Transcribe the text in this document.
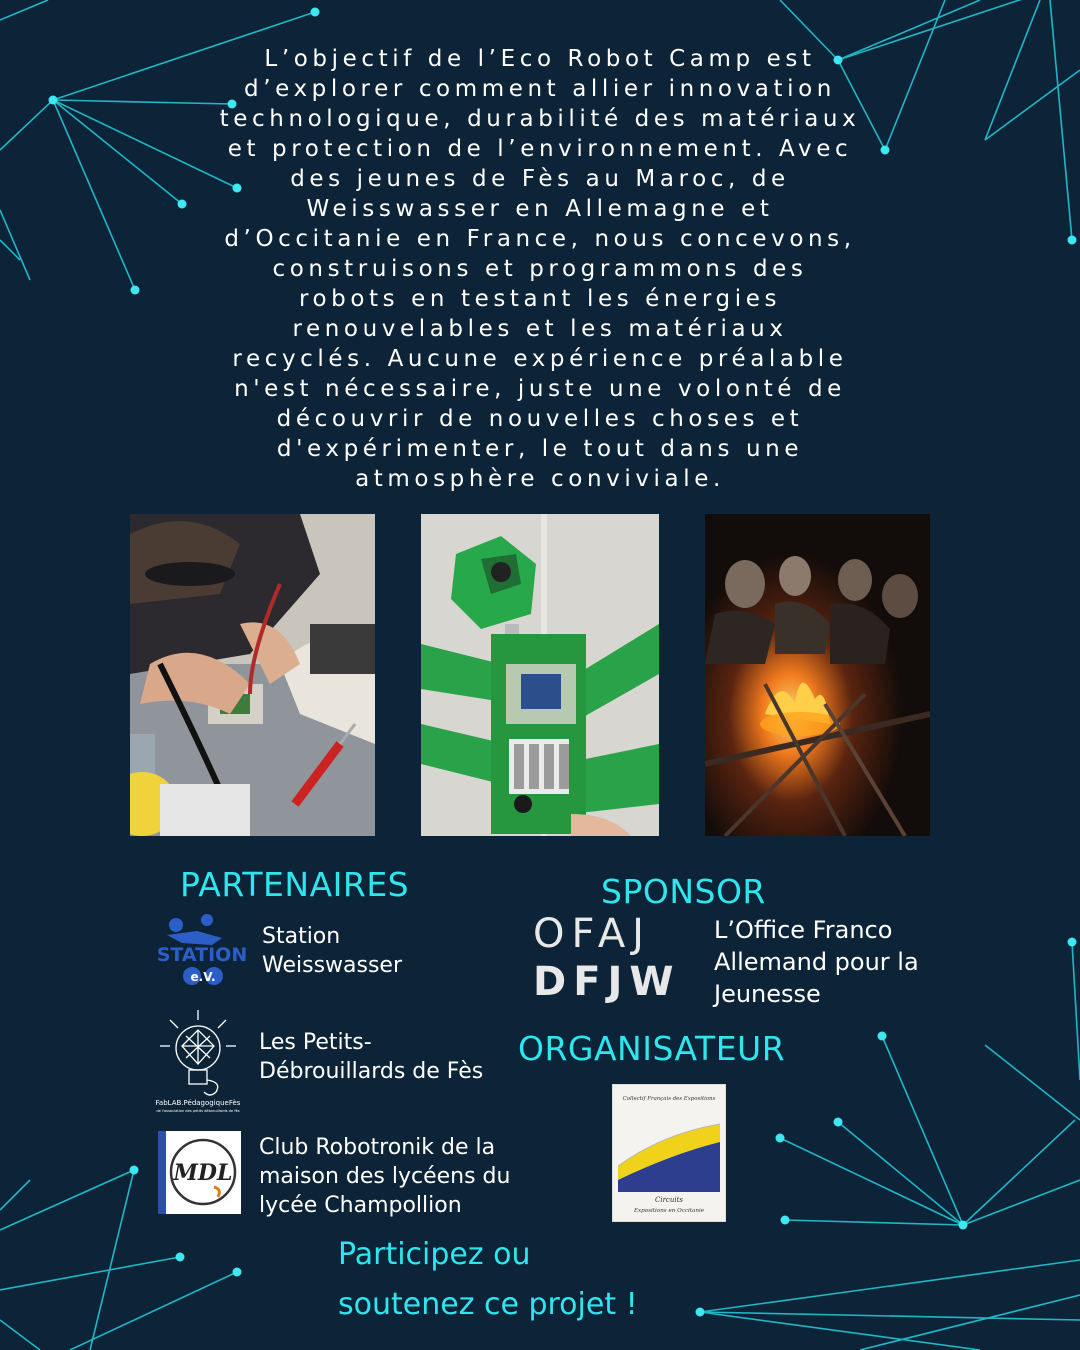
L’objectif de l’Eco Robot Camp est
d’explorer comment allier innovation
technologique, durabilité des matériaux
et protection de l’environnement. Avec
des jeunes de Fès au Maroc, de
Weisswasser en Allemagne et
d’Occitanie en France, nous concevons,
construisons et programmons des
robots en testant les énergies
renouvelables et les matériaux
recyclés. Aucune expérience préalable
n'est nécessaire, juste une volonté de
découvrir de nouvelles choses et
d'expérimenter, le tout dans une
atmosphère conviviale.
PARTENAIRES
STATION
e.V.
Station
Weisswasser
FabLAB.PédagogiqueFès
de l'association des petits débrouillards de fès
Les Petits-
Débrouillards de Fès
MDL
Club Robotronik de la
maison des lycéens du
lycée Champollion
SPONSOR
OFAJ
DFJW
L’Office Franco
Allemand pour la
Jeunesse
ORGANISATEUR
Collectif Français des Expositions
Circuits
Expositions en Occitanie
Participez ou
soutenez ce projet !
